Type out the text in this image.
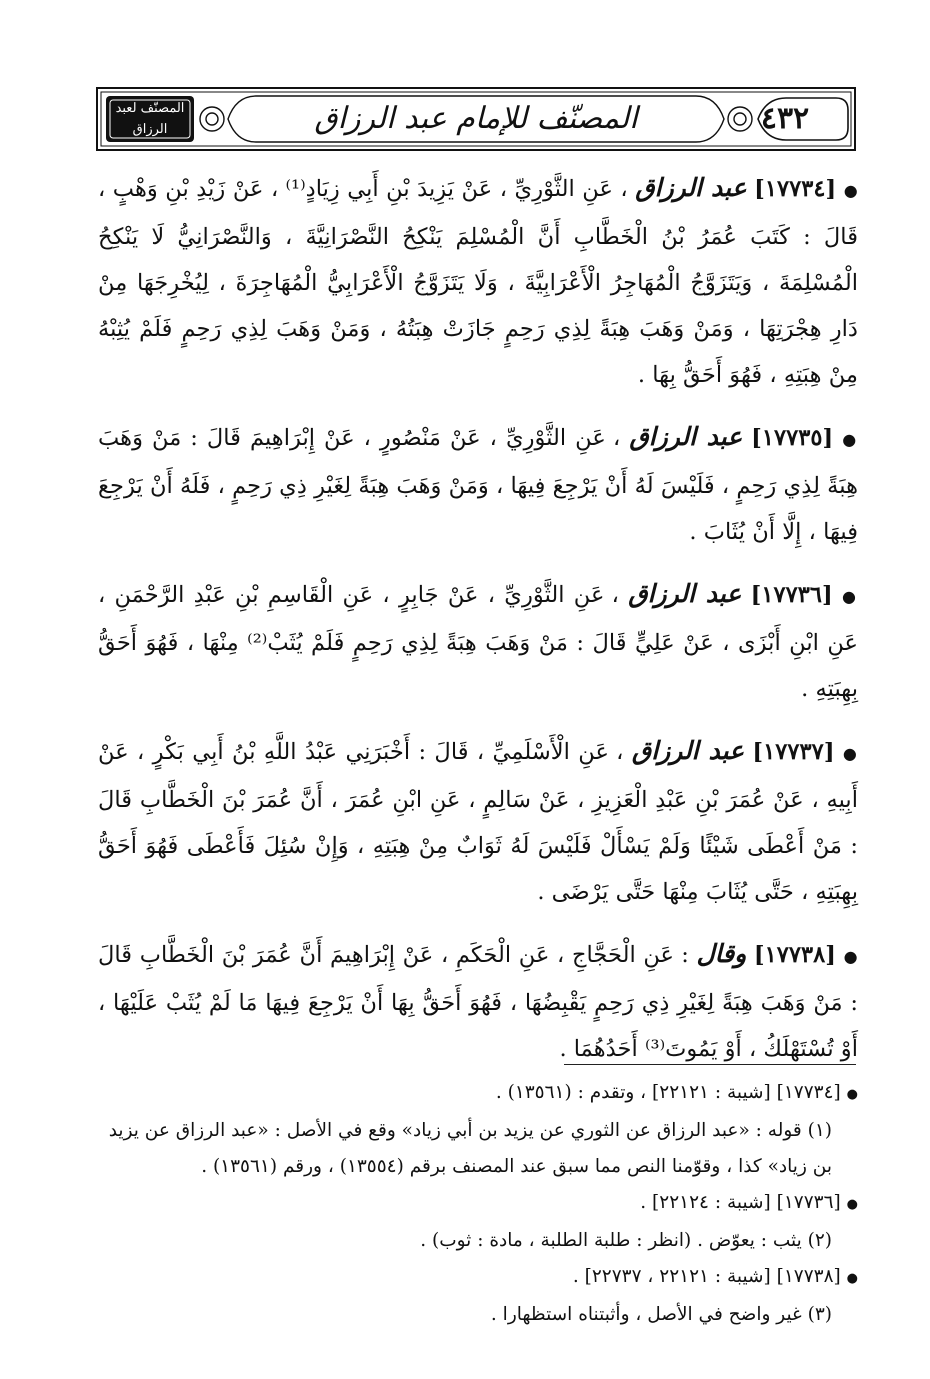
المصنّف لعبد الرزاق	المصنّف للإمام عبد الرزاق	٤٣٢

● [١٧٧٣٤] عبد الرزاق ، عَنِ الثَّوْرِيِّ ، عَنْ يَزِيدَ بْنِ أَبِي زِيَادٍ⁽¹⁾ ، عَنْ زَيْدِ بْنِ وَهْبٍ ، قَالَ : كَتَبَ عُمَرُ بْنُ الْخَطَّابِ أَنَّ الْمُسْلِمَ يَنْكِحُ النَّصْرَانِيَّةَ ، وَالنَّصْرَانِيُّ لَا يَنْكِحُ الْمُسْلِمَةَ ، وَيَتَزَوَّجُ الْمُهَاجِرُ الْأَعْرَابِيَّةَ ، وَلَا يَتَزَوَّجُ الْأَعْرَابِيُّ الْمُهَاجِرَةَ ، لِيُخْرِجَهَا مِنْ دَارِ هِجْرَتِهَا ، وَمَنْ وَهَبَ هِبَةً لِذِي رَحِمٍ جَازَتْ هِبَتُهُ ، وَمَنْ وَهَبَ لِذِي رَحِمٍ فَلَمْ يُثِبْهُ مِنْ هِبَتِهِ ، فَهُوَ أَحَقُّ بِهَا .

● [١٧٧٣٥] عبد الرزاق ، عَنِ الثَّوْرِيِّ ، عَنْ مَنْصُورٍ ، عَنْ إِبْرَاهِيمَ قَالَ : مَنْ وَهَبَ هِبَةً لِذِي رَحِمٍ ، فَلَيْسَ لَهُ أَنْ يَرْجِعَ فِيهَا ، وَمَنْ وَهَبَ هِبَةً لِغَيْرِ ذِي رَحِمٍ ، فَلَهُ أَنْ يَرْجِعَ فِيهَا ، إِلَّا أَنْ يُثَابَ .

● [١٧٧٣٦] عبد الرزاق ، عَنِ الثَّوْرِيِّ ، عَنْ جَابِرٍ ، عَنِ الْقَاسِمِ بْنِ عَبْدِ الرَّحْمَنِ ، عَنِ ابْنِ أَبْزَى ، عَنْ عَلِيٍّ قَالَ : مَنْ وَهَبَ هِبَةً لِذِي رَحِمٍ فَلَمْ يُثَبْ⁽²⁾ مِنْهَا ، فَهُوَ أَحَقُّ بِهِبَتِهِ .

● [١٧٧٣٧] عبد الرزاق ، عَنِ الْأَسْلَمِيِّ ، قَالَ : أَخْبَرَنِي عَبْدُ اللَّهِ بْنُ أَبِي بَكْرٍ ، عَنْ أَبِيهِ ، عَنْ عُمَرَ بْنِ عَبْدِ الْعَزِيزِ ، عَنْ سَالِمٍ ، عَنِ ابْنِ عُمَرَ ، أَنَّ عُمَرَ بْنَ الْخَطَّابِ قَالَ : مَنْ أَعْطَى شَيْئًا وَلَمْ يَسْأَلْ فَلَيْسَ لَهُ ثَوَابٌ مِنْ هِبَتِهِ ، وَإِنْ سُئِلَ فَأَعْطَى فَهُوَ أَحَقُّ بِهِبَتِهِ ، حَتَّى يُثَابَ مِنْهَا حَتَّى يَرْضَى .

● [١٧٧٣٨] وقال : عَنِ الْحَجَّاجِ ، عَنِ الْحَكَمِ ، عَنْ إِبْرَاهِيمَ أَنَّ عُمَرَ بْنَ الْخَطَّابِ قَالَ : مَنْ وَهَبَ هِبَةً لِغَيْرِ ذِي رَحِمٍ يَقْبِضُهَا ، فَهُوَ أَحَقُّ بِهَا أَنْ يَرْجِعَ فِيهَا مَا لَمْ يُثَبْ عَلَيْهَا ، أَوْ تُسْتَهْلَكُ ، أَوْ يَمُوتَ⁽³⁾ أَحَدُهُمَا .

● [١٧٧٣٤] [شيبة : ٢٢١٢١] ، وتقدم : (١٣٥٦١) .

(١) قوله : «عبد الرزاق عن الثوري عن يزيد بن أبي زياد» وقع في الأصل : «عبد الرزاق عن يزيد بن زياد» كذا ، وقوّمنا النص مما سبق عند المصنف برقم (١٣٥٥٤) ، ورقم (١٣٥٦١) .

● [١٧٧٣٦] [شيبة : ٢٢١٢٤] .

(٢) يثب : يعوّض . (انظر : طلبة الطلبة ، مادة : ثوب) .

● [١٧٧٣٨] [شيبة : ٢٢١٢١ ، ٢٢٧٣٧] .

(٣) غير واضح في الأصل ، وأثبتناه استظهارا .
